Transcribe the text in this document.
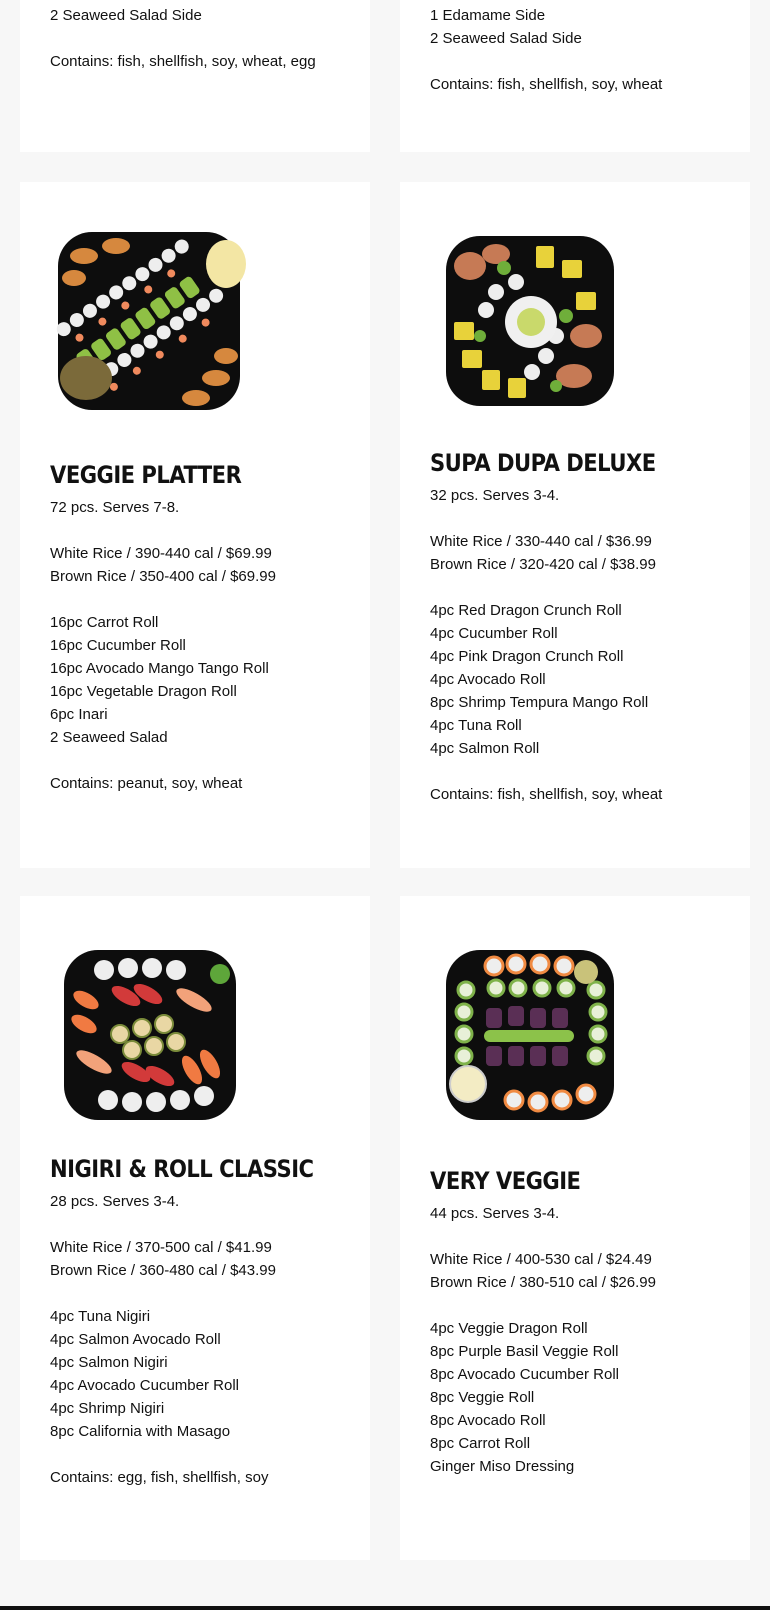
2 Seaweed Salad Side
Contains: fish, shellfish, soy, wheat, egg
1 Edamame Side
2 Seaweed Salad Side
Contains: fish, shellfish, soy, wheat
VEGGIE PLATTER
72 pcs. Serves 7-8.
White Rice / 390-440 cal / $69.99
Brown Rice / 350-400 cal / $69.99
16pc Carrot Roll
16pc Cucumber Roll
16pc Avocado Mango Tango Roll
16pc Vegetable Dragon Roll
6pc Inari
2 Seaweed Salad
Contains: peanut, soy, wheat
SUPA DUPA DELUXE
32 pcs. Serves 3-4.
White Rice / 330-440 cal / $36.99
Brown Rice / 320-420 cal / $38.99
4pc Red Dragon Crunch Roll
4pc Cucumber Roll
4pc Pink Dragon Crunch Roll
4pc Avocado Roll
8pc Shrimp Tempura Mango Roll
4pc Tuna Roll
4pc Salmon Roll
Contains: fish, shellfish, soy, wheat
NIGIRI & ROLL CLASSIC
28 pcs. Serves 3-4.
White Rice / 370-500 cal / $41.99
Brown Rice / 360-480 cal / $43.99
4pc Tuna Nigiri
4pc Salmon Avocado Roll
4pc Salmon Nigiri
4pc Avocado Cucumber Roll
4pc Shrimp Nigiri
8pc California with Masago
Contains: egg, fish, shellfish, soy
VERY VEGGIE
44 pcs. Serves 3-4.
White Rice / 400-530 cal / $24.49
Brown Rice / 380-510 cal / $26.99
4pc Veggie Dragon Roll
8pc Purple Basil Veggie Roll
8pc Avocado Cucumber Roll
8pc Veggie Roll
8pc Avocado Roll
8pc Carrot Roll
Ginger Miso Dressing
